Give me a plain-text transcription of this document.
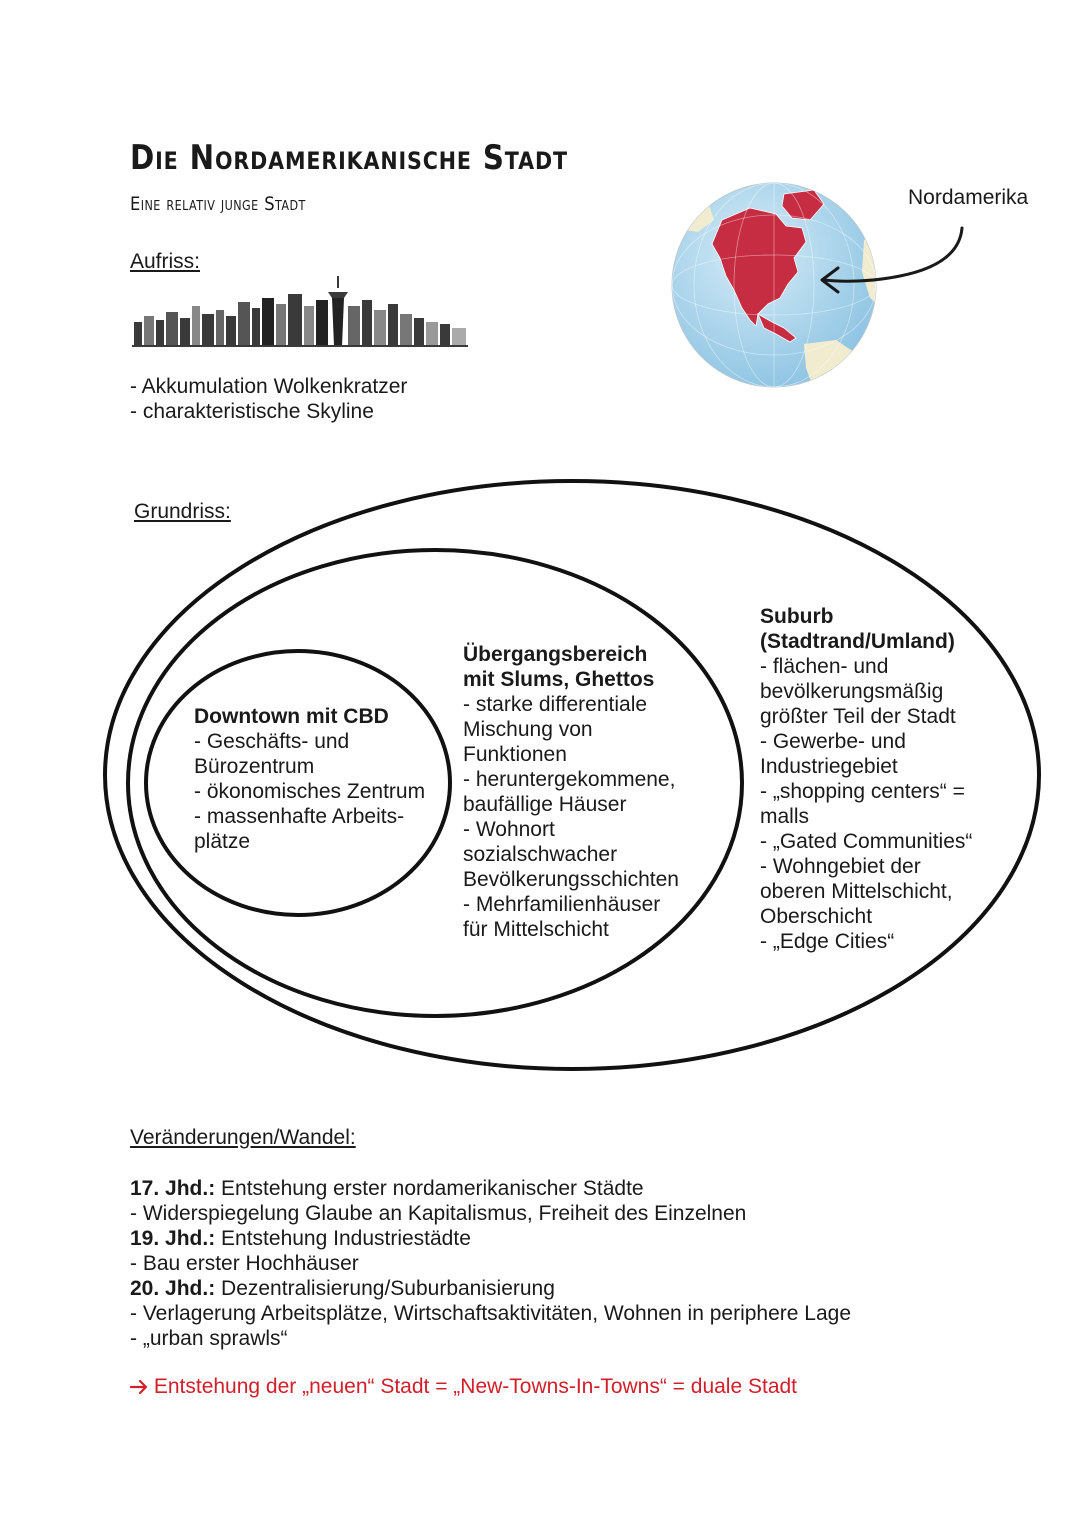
Die Nordamerikanische Stadt
Eine relativ junge Stadt
Aufriss:
- Akkumulation Wolkenkratzer
- charakteristische Skyline
Nordamerika
Grundriss:
Downtown mit CBD
- Geschäfts- und
Bürozentrum
- ökonomisches Zentrum
- massenhafte Arbeits-
plätze
Übergangsbereich
mit Slums, Ghettos
- starke differentiale
Mischung von
Funktionen
- heruntergekommene,
baufällige Häuser
- Wohnort
sozialschwacher
Bevölkerungsschichten
- Mehrfamilienhäuser
für Mittelschicht
Suburb
(Stadtrand/Umland)
- flächen- und
bevölkerungsmäßig
größter Teil der Stadt
- Gewerbe- und
Industriegebiet
- „shopping centers“ =
malls
- „Gated Communities“
- Wohngebiet der
oberen Mittelschicht,
Oberschicht
- „Edge Cities“
Veränderungen/Wandel:
17. Jhd.: Entstehung erster nordamerikanischer Städte
- Widerspiegelung Glaube an Kapitalismus, Freiheit des Einzelnen
19. Jhd.: Entstehung Industriestädte
- Bau erster Hochhäuser
20. Jhd.: Dezentralisierung/Suburbanisierung
- Verlagerung Arbeitsplätze, Wirtschaftsaktivitäten, Wohnen in periphere Lage
- „urban sprawls“
Entstehung der „neuen“ Stadt = „New-Towns-In-Towns“ = duale Stadt
